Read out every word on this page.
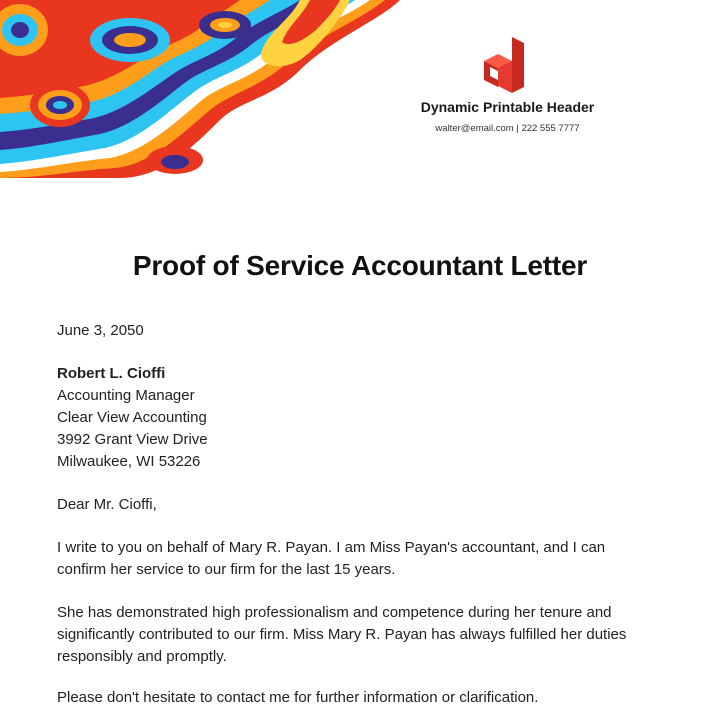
Dynamic Printable Header
walter@email.com | 222 555 7777
Proof of Service Accountant Letter
June 3, 2050
Robert L. Cioffi
Accounting Manager
Clear View Accounting
3992 Grant View Drive
Milwaukee, WI 53226
Dear Mr. Cioffi,
I write to you on behalf of Mary R. Payan. I am Miss Payan's accountant, and I can
confirm her service to our firm for the last 15 years.
She has demonstrated high professionalism and competence during her tenure and
significantly contributed to our firm. Miss Mary R. Payan has always fulfilled her duties
responsibly and promptly.
Please don't hesitate to contact me for further information or clarification.
